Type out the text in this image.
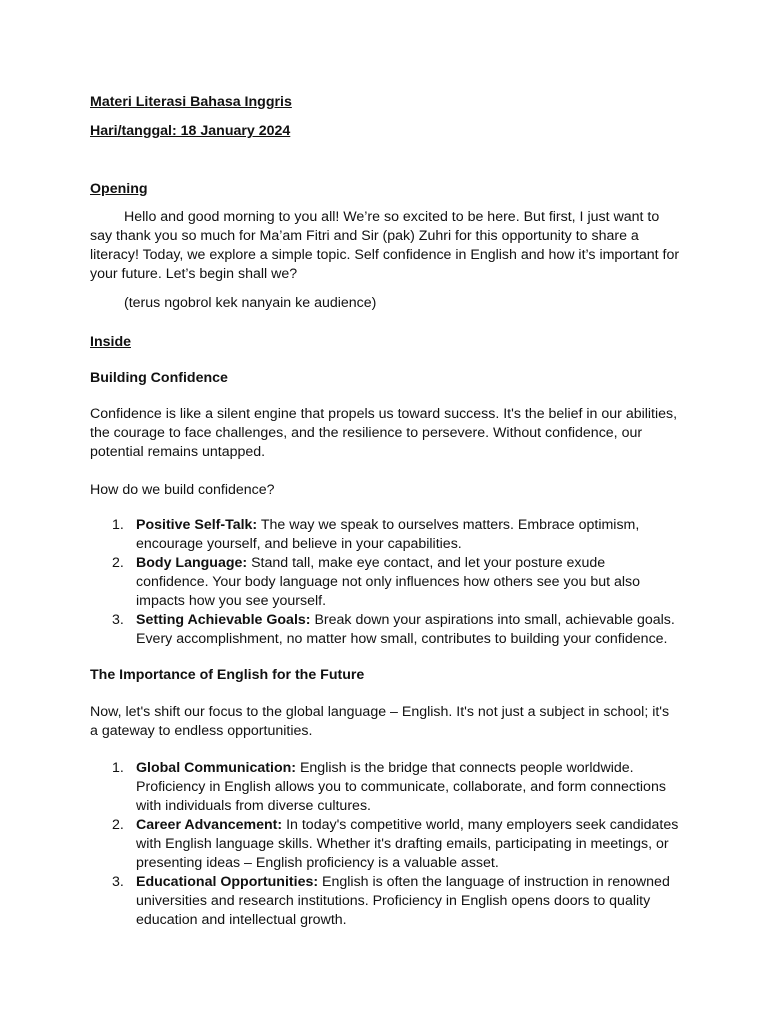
Materi Literasi Bahasa Inggris

Hari/tanggal: 18 January 2024

Opening

Hello and good morning to you all! We’re so excited to be here. But first, I just want to say thank you so much for Ma’am Fitri and Sir (pak) Zuhri for this opportunity to share a literacy! Today, we explore a simple topic. Self confidence in English and how it’s important for your future. Let’s begin shall we?

(terus ngobrol kek nanyain ke audience)

Inside

Building Confidence

Confidence is like a silent engine that propels us toward success. It's the belief in our abilities, the courage to face challenges, and the resilience to persevere. Without confidence, our potential remains untapped.

How do we build confidence?

1. Positive Self-Talk: The way we speak to ourselves matters. Embrace optimism, encourage yourself, and believe in your capabilities.
2. Body Language: Stand tall, make eye contact, and let your posture exude confidence. Your body language not only influences how others see you but also impacts how you see yourself.
3. Setting Achievable Goals: Break down your aspirations into small, achievable goals. Every accomplishment, no matter how small, contributes to building your confidence.

The Importance of English for the Future

Now, let's shift our focus to the global language – English. It's not just a subject in school; it's a gateway to endless opportunities.

1. Global Communication: English is the bridge that connects people worldwide. Proficiency in English allows you to communicate, collaborate, and form connections with individuals from diverse cultures.
2. Career Advancement: In today's competitive world, many employers seek candidates with English language skills. Whether it's drafting emails, participating in meetings, or presenting ideas – English proficiency is a valuable asset.
3. Educational Opportunities: English is often the language of instruction in renowned universities and research institutions. Proficiency in English opens doors to quality education and intellectual growth.
